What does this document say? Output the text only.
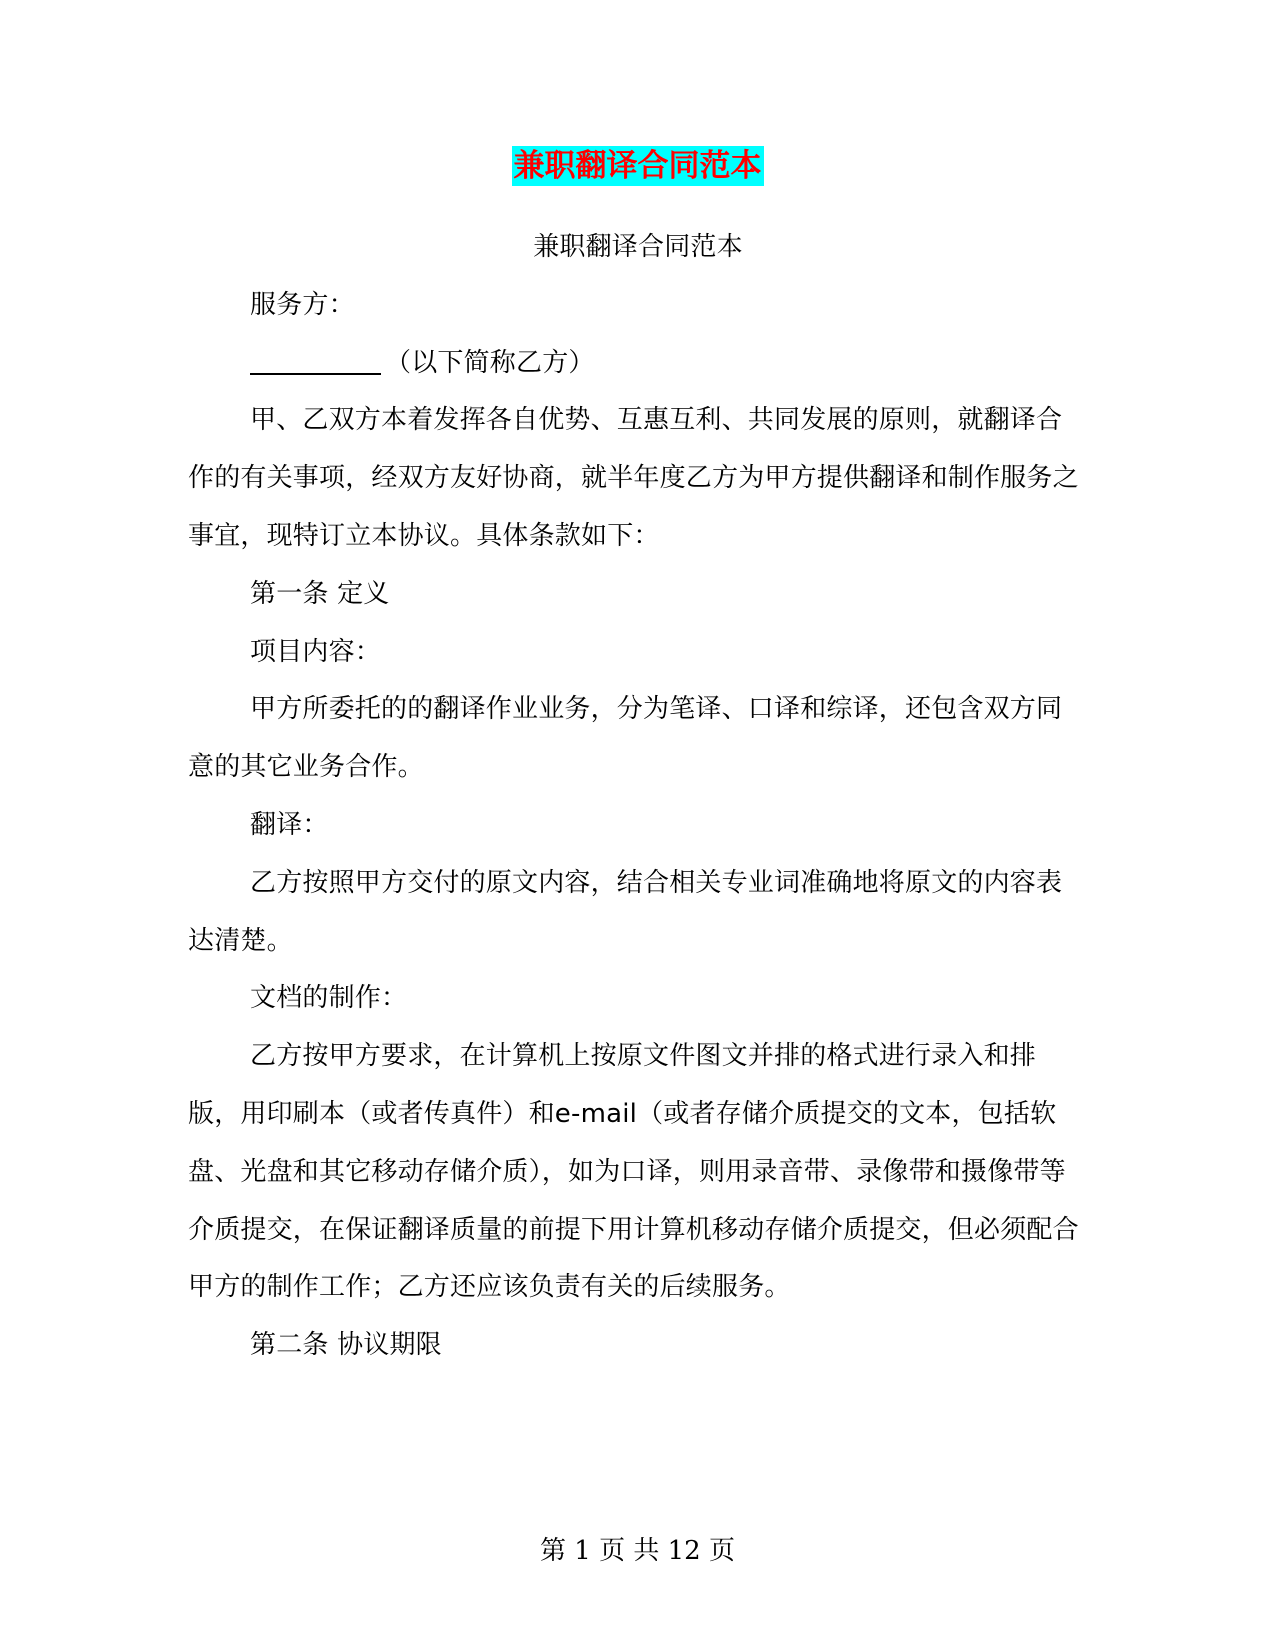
兼职翻译合同范本

兼职翻译合同范本

服务方：

（以下简称乙方）

甲、乙双方本着发挥各自优势、互惠互利、共同发展的原则，就翻译合作的有关事项，经双方友好协商，就半年度乙方为甲方提供翻译和制作服务之事宜，现特订立本协议。具体条款如下：

第一条 定义

项目内容：

甲方所委托的的翻译作业业务，分为笔译、口译和综译，还包含双方同意的其它业务合作。

翻译：

乙方按照甲方交付的原文内容，结合相关专业词准确地将原文的内容表达清楚。

文档的制作：

乙方按甲方要求，在计算机上按原文件图文并排的格式进行录入和排版，用印刷本（或者传真件）和e-mail（或者存储介质提交的文本，包括软盘、光盘和其它移动存储介质），如为口译，则用录音带、录像带和摄像带等介质提交，在保证翻译质量的前提下用计算机移动存储介质提交，但必须配合甲方的制作工作；乙方还应该负责有关的后续服务。

第二条 协议期限

第 1 页 共 12 页
